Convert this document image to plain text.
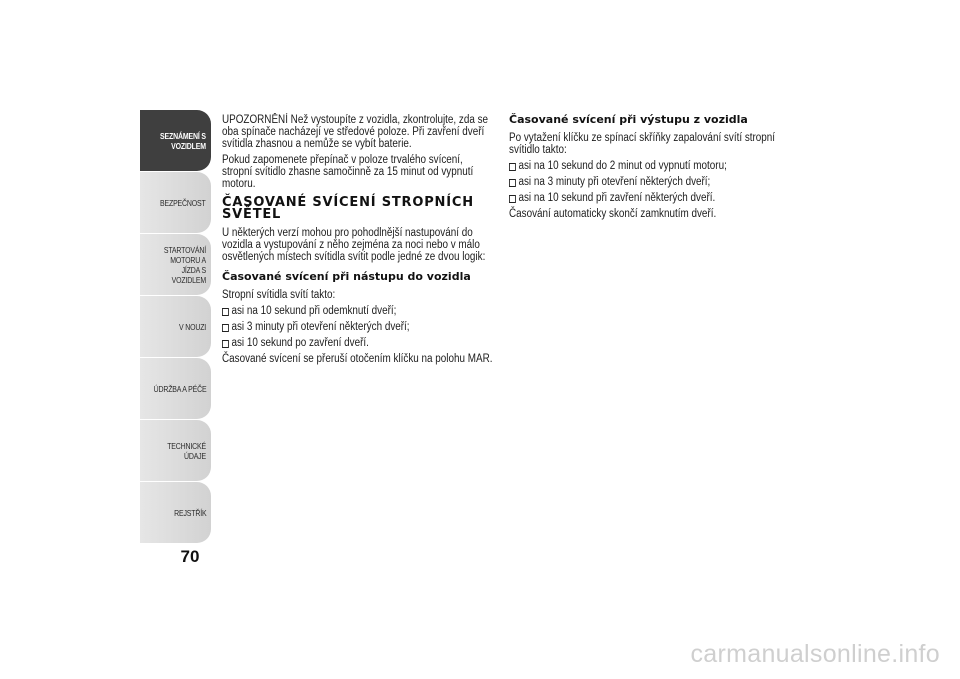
SEZNÁMENÍ S
VOZIDLEM
BEZPEČNOST
STARTOVÁNÍ
MOTORU A JÍZDA S
VOZIDLEM
V NOUZI
ÚDRŽBA A PÉČE
TECHNICKÉ ÚDAJE
REJSTŘÍK
70

UPOZORNĚNÍ Než vystoupíte z vozidla, zkontrolujte, zda se oba spínače nacházejí ve středové poloze. Při zavření dveří svítidla zhasnou a nemůže se vybít baterie.

Pokud zapomenete přepínač v poloze trvalého svícení, stropní svítidlo zhasne samočinně za 15 minut od vypnutí motoru.

ČASOVANÉ SVÍCENÍ STROPNÍCH SVĚTEL

U některých verzí mohou pro pohodlnější nastupování do vozidla a vystupování z něho zejména za noci nebo v málo osvětlených místech svítidla svítit podle jedné ze dvou logik:

Časované svícení při nástupu do vozidla

Stropní svítidla svítí takto:

asi na 10 sekund při odemknutí dveří;
asi 3 minuty při otevření některých dveří;
asi 10 sekund po zavření dveří.

Časované svícení se přeruší otočením klíčku na polohu MAR.

Časované svícení při výstupu z vozidla

Po vytažení klíčku ze spínací skříňky zapalování svítí stropní svítidlo takto:

asi na 10 sekund do 2 minut od vypnutí motoru;
asi na 3 minuty při otevření některých dveří;
asi na 10 sekund při zavření některých dveří.

Časování automaticky skončí zamknutím dveří.

carmanualsonline.info
